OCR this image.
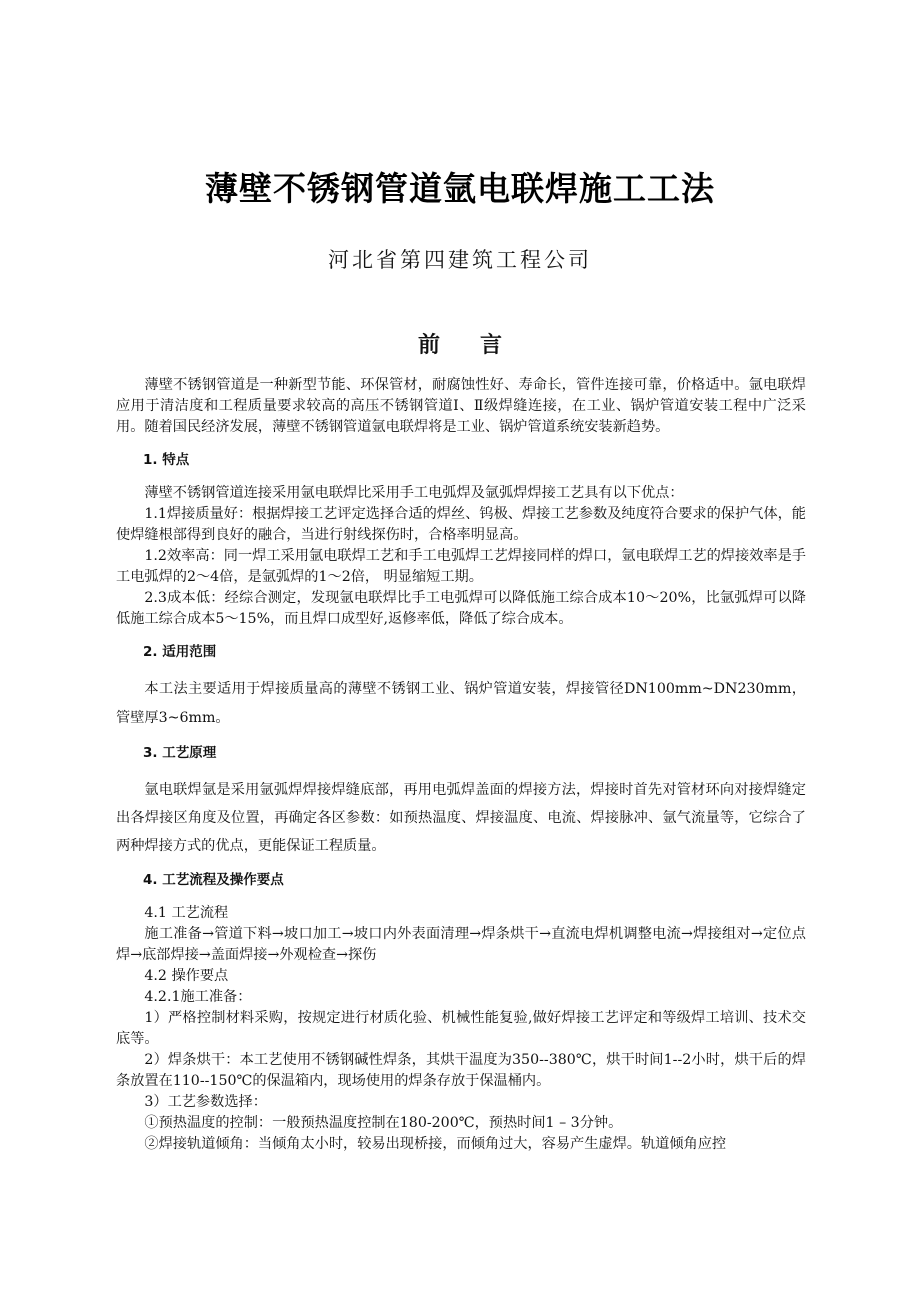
薄壁不锈钢管道氩电联焊施工工法
河北省第四建筑工程公司
前 言

薄壁不锈钢管道是一种新型节能、环保管材，耐腐蚀性好、寿命长，管件连接可靠，价格适中。氩电联焊应用于清洁度和工程质量要求较高的高压不锈钢管道Ⅰ、Ⅱ级焊缝连接，在工业、锅炉管道安装工程中广泛采用。随着国民经济发展，薄壁不锈钢管道氩电联焊将是工业、锅炉管道系统安装新趋势。

1. 特点

薄壁不锈钢管道连接采用氩电联焊比采用手工电弧焊及氩弧焊焊接工艺具有以下优点：

1.1焊接质量好：根据焊接工艺评定选择合适的焊丝、钨极、焊接工艺参数及纯度符合要求的保护气体，能使焊缝根部得到良好的融合，当进行射线探伤时，合格率明显高。

1.2效率高：同一焊工采用氩电联焊工艺和手工电弧焊工艺焊接同样的焊口，氩电联焊工艺的焊接效率是手工电弧焊的2～4倍，是氩弧焊的1～2倍， 明显缩短工期。

2.3成本低：经综合测定，发现氩电联焊比手工电弧焊可以降低施工综合成本10～20%，比氩弧焊可以降低施工综合成本5～15%，而且焊口成型好,返修率低，降低了综合成本。

2. 适用范围

本工法主要适用于焊接质量高的薄壁不锈钢工业、锅炉管道安装，焊接管径DN100mm~DN230mm，管壁厚3~6mm。

3. 工艺原理

氩电联焊氩是采用氩弧焊焊接焊缝底部，再用电弧焊盖面的焊接方法，焊接时首先对管材环向对接焊缝定出各焊接区角度及位置，再确定各区参数：如预热温度、焊接温度、电流、焊接脉冲、氩气流量等，它综合了两种焊接方式的优点，更能保证工程质量。

4. 工艺流程及操作要点

4.1 工艺流程

施工准备→管道下料→坡口加工→坡口内外表面清理→焊条烘干→直流电焊机调整电流→焊接组对→定位点焊→底部焊接→盖面焊接→外观检查→探伤

4.2 操作要点

4.2.1施工准备：

1）严格控制材料采购，按规定进行材质化验、机械性能复验,做好焊接工艺评定和等级焊工培训、技术交底等。

2）焊条烘干：本工艺使用不锈钢碱性焊条，其烘干温度为350--380℃，烘干时间1--2小时，烘干后的焊条放置在110--150℃的保温箱内，现场使用的焊条存放于保温桶内。

3）工艺参数选择：

①预热温度的控制：一般预热温度控制在180-200℃，预热时间1 – 3分钟。

②焊接轨道倾角：当倾角太小时，较易出现桥接，而倾角过大，容易产生虚焊。轨道倾角应控
